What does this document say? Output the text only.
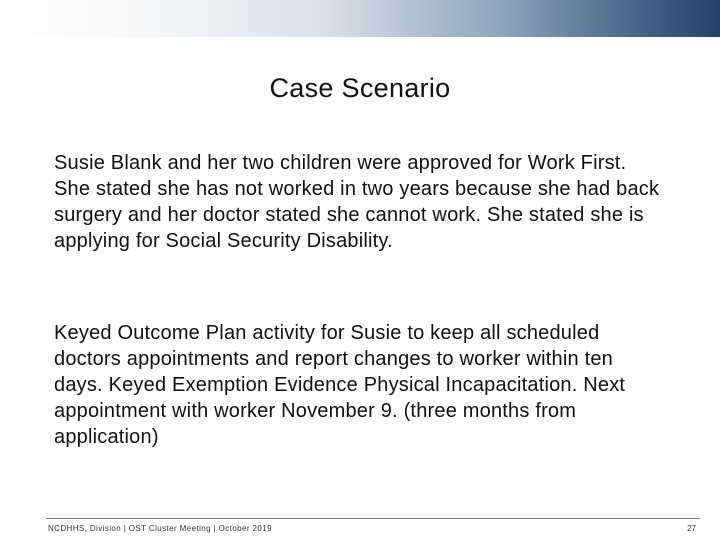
Case Scenario

Susie Blank and her two children were approved for Work First. She stated she has not worked in two years because she had back surgery and her doctor stated she cannot work. She stated she is applying for Social Security Disability.

Keyed Outcome Plan activity for Susie to keep all scheduled doctors appointments and report changes to worker within ten days. Keyed Exemption Evidence Physical Incapacitation. Next appointment with worker November 9. (three months from application)

NCDHHS, Division | OST Cluster Meeting | October 2019	27
